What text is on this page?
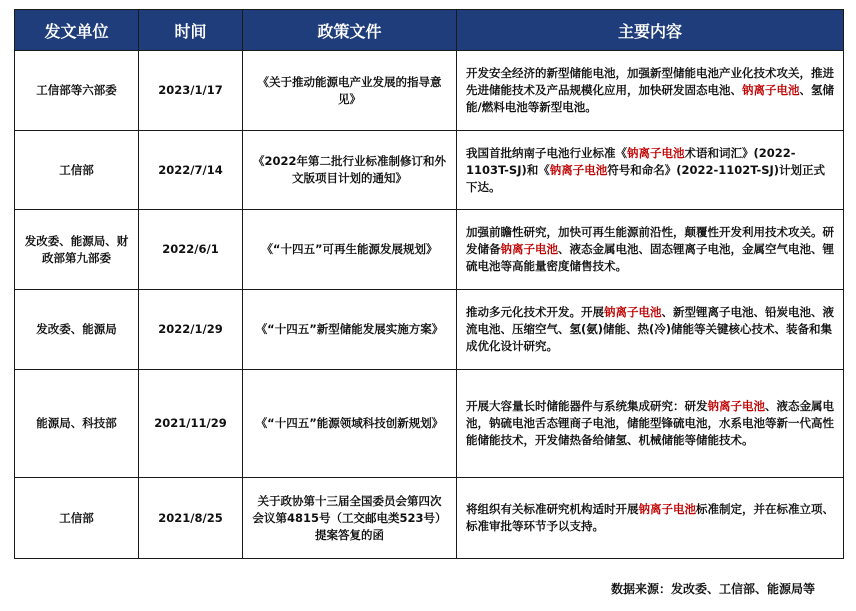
发文单位	时间	政策文件	主要内容
工信部等六部委	2023/1/17	《关于推动能源电产业发展的指导意见》	开发安全经济的新型储能电池，加强新型储能电池产业化技术攻关，推进先进储能技术及产品规模化应用，加快研发固态电池、钠离子电池、氢储能/燃料电池等新型电池。
工信部	2022/7/14	《2022年第二批行业标准制修订和外文版项目计划的通知》	我国首批纳南子电池行业标准《钠离子电池术语和词汇》(2022-1103T-SJ)和《钠离子电池符号和命名》(2022-1102T-SJ)计划正式下达。
发改委、能源局、财政部第九部委	2022/6/1	《“十四五”可再生能源发展规划》	加强前瞻性研究，加快可再生能源前沿性，颠覆性开发利用技术攻关。研发储备钠离子电池、液态金属电池、固态锂离子电池，金属空气电池、锂硫电池等高能量密度储售技术。
发改委、能源局	2022/1/29	《“十四五”新型储能发展实施方案》	推动多元化技术开发。开展钠离子电池、新型锂离子电池、铅炭电池、液流电池、压缩空气、氢(氨)储能、热(冷)储能等关键核心技术、装备和集成优化设计研究。
能源局、科技部	2021/11/29	《“十四五”能源领域科技创新规划》	开展大容量长时储能器件与系统集成研究：研发钠离子电池、液态金属电池，钠硫电池舌态锂商子电池，储能型锋硫电池，水系电池等新一代高性能储能技术，开发储热备给储氢、机械储能等储能技术。
工信部	2021/8/25	关于政协第十三届全国委员会第四次会议第4815号（工交邮电类523号）提案答复的函	将组织有关标准研究机构适时开展钠离子电池标准制定，并在标准立项、标准审批等环节予以支持。
数据来源：发改委、工信部、能源局等
